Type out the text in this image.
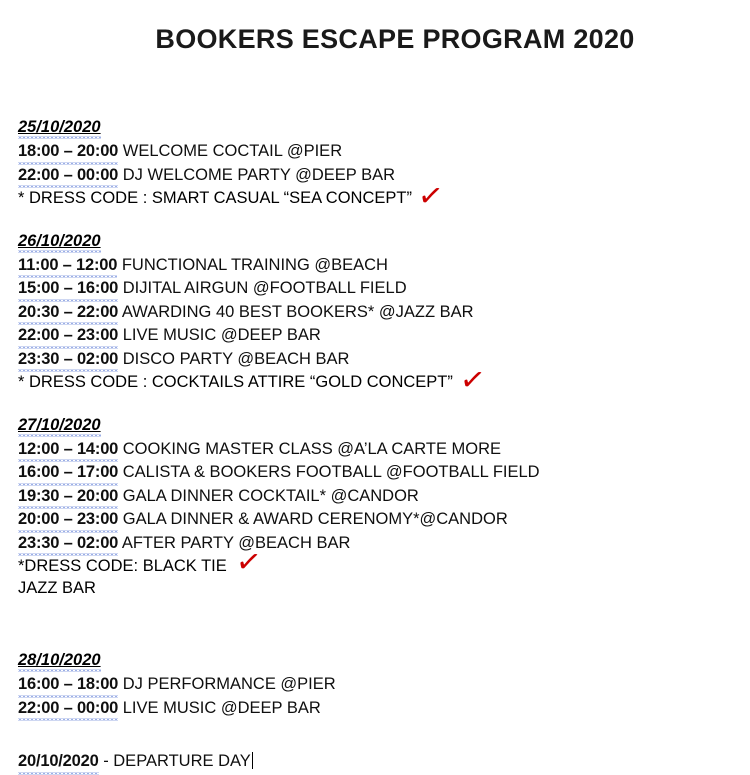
BOOKERS ESCAPE PROGRAM 2020
25/10/2020
18:00 – 20:00 WELCOME COCTAIL @PIER
22:00 – 00:00 DJ WELCOME PARTY @DEEP BAR
* DRESS CODE : SMART CASUAL “SEA CONCEPT” ✓
26/10/2020
11:00 – 12:00 FUNCTIONAL TRAINING @BEACH
15:00 – 16:00 DIJITAL AIRGUN @FOOTBALL FIELD
20:30 – 22:00 AWARDING 40 BEST BOOKERS* @JAZZ BAR
22:00 – 23:00 LIVE MUSIC @DEEP BAR
23:30 – 02:00 DISCO PARTY @BEACH BAR
* DRESS CODE : COCKTAILS ATTIRE “GOLD CONCEPT” ✓
27/10/2020
12:00 – 14:00 COOKING MASTER CLASS @A’LA CARTE MORE
16:00 – 17:00 CALISTA & BOOKERS FOOTBALL @FOOTBALL FIELD
19:30 – 20:00 GALA DINNER COCKTAIL* @CANDOR
20:00 – 23:00 GALA DINNER & AWARD CERENOMY*@CANDOR
23:30 – 02:00 AFTER PARTY @BEACH BAR
*DRESS CODE: BLACK TIE ✓
JAZZ BAR
28/10/2020
16:00 – 18:00 DJ PERFORMANCE @PIER
22:00 – 00:00 LIVE MUSIC @DEEP BAR
20/10/2020 - DEPARTURE DAY
